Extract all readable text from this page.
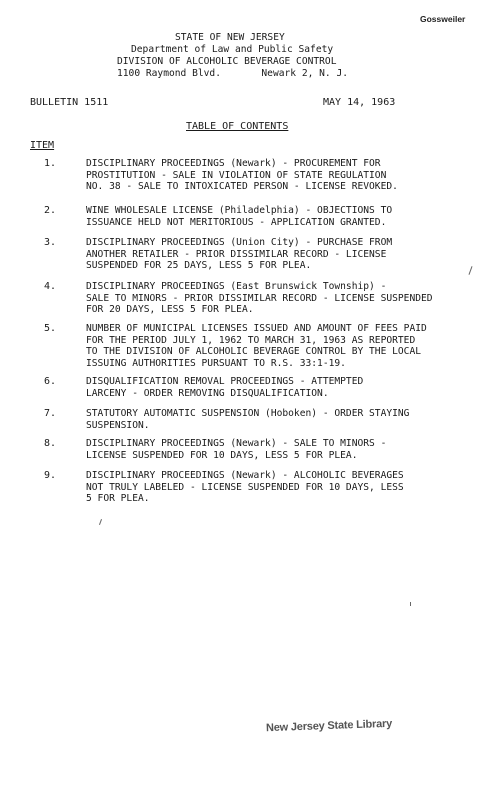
Gossweiler
STATE OF NEW JERSEY
Department of Law and Public Safety
DIVISION OF ALCOHOLIC BEVERAGE CONTROL
1100 Raymond Blvd.       Newark 2, N. J.
BULLETIN 1511	MAY 14, 1963
TABLE OF CONTENTS
ITEM
1.	DISCIPLINARY PROCEEDINGS (Newark) - PROCUREMENT FOR
PROSTITUTION - SALE IN VIOLATION OF STATE REGULATION
NO. 38 - SALE TO INTOXICATED PERSON - LICENSE REVOKED.
2.	WINE WHOLESALE LICENSE (Philadelphia) - OBJECTIONS TO
ISSUANCE HELD NOT MERITORIOUS - APPLICATION GRANTED.
3.	DISCIPLINARY PROCEEDINGS (Union City) - PURCHASE FROM
ANOTHER RETAILER - PRIOR DISSIMILAR RECORD - LICENSE
SUSPENDED FOR 25 DAYS, LESS 5 FOR PLEA.
4.	DISCIPLINARY PROCEEDINGS (East Brunswick Township) -
SALE TO MINORS - PRIOR DISSIMILAR RECORD - LICENSE SUSPENDED
FOR 20 DAYS, LESS 5 FOR PLEA.
5.	NUMBER OF MUNICIPAL LICENSES ISSUED AND AMOUNT OF FEES PAID
FOR THE PERIOD JULY 1, 1962 TO MARCH 31, 1963 AS REPORTED
TO THE DIVISION OF ALCOHOLIC BEVERAGE CONTROL BY THE LOCAL
ISSUING AUTHORITIES PURSUANT TO R.S. 33:1-19.
6.	DISQUALIFICATION REMOVAL PROCEEDINGS - ATTEMPTED
LARCENY - ORDER REMOVING DISQUALIFICATION.
7.	STATUTORY AUTOMATIC SUSPENSION (Hoboken) - ORDER STAYING
SUSPENSION.
8.	DISCIPLINARY PROCEEDINGS (Newark) - SALE TO MINORS -
LICENSE SUSPENDED FOR 10 DAYS, LESS 5 FOR PLEA.
9.	DISCIPLINARY PROCEEDINGS (Newark) - ALCOHOLIC BEVERAGES
NOT TRULY LABELED - LICENSE SUSPENDED FOR 10 DAYS, LESS
5 FOR PLEA.
New Jersey State Library
